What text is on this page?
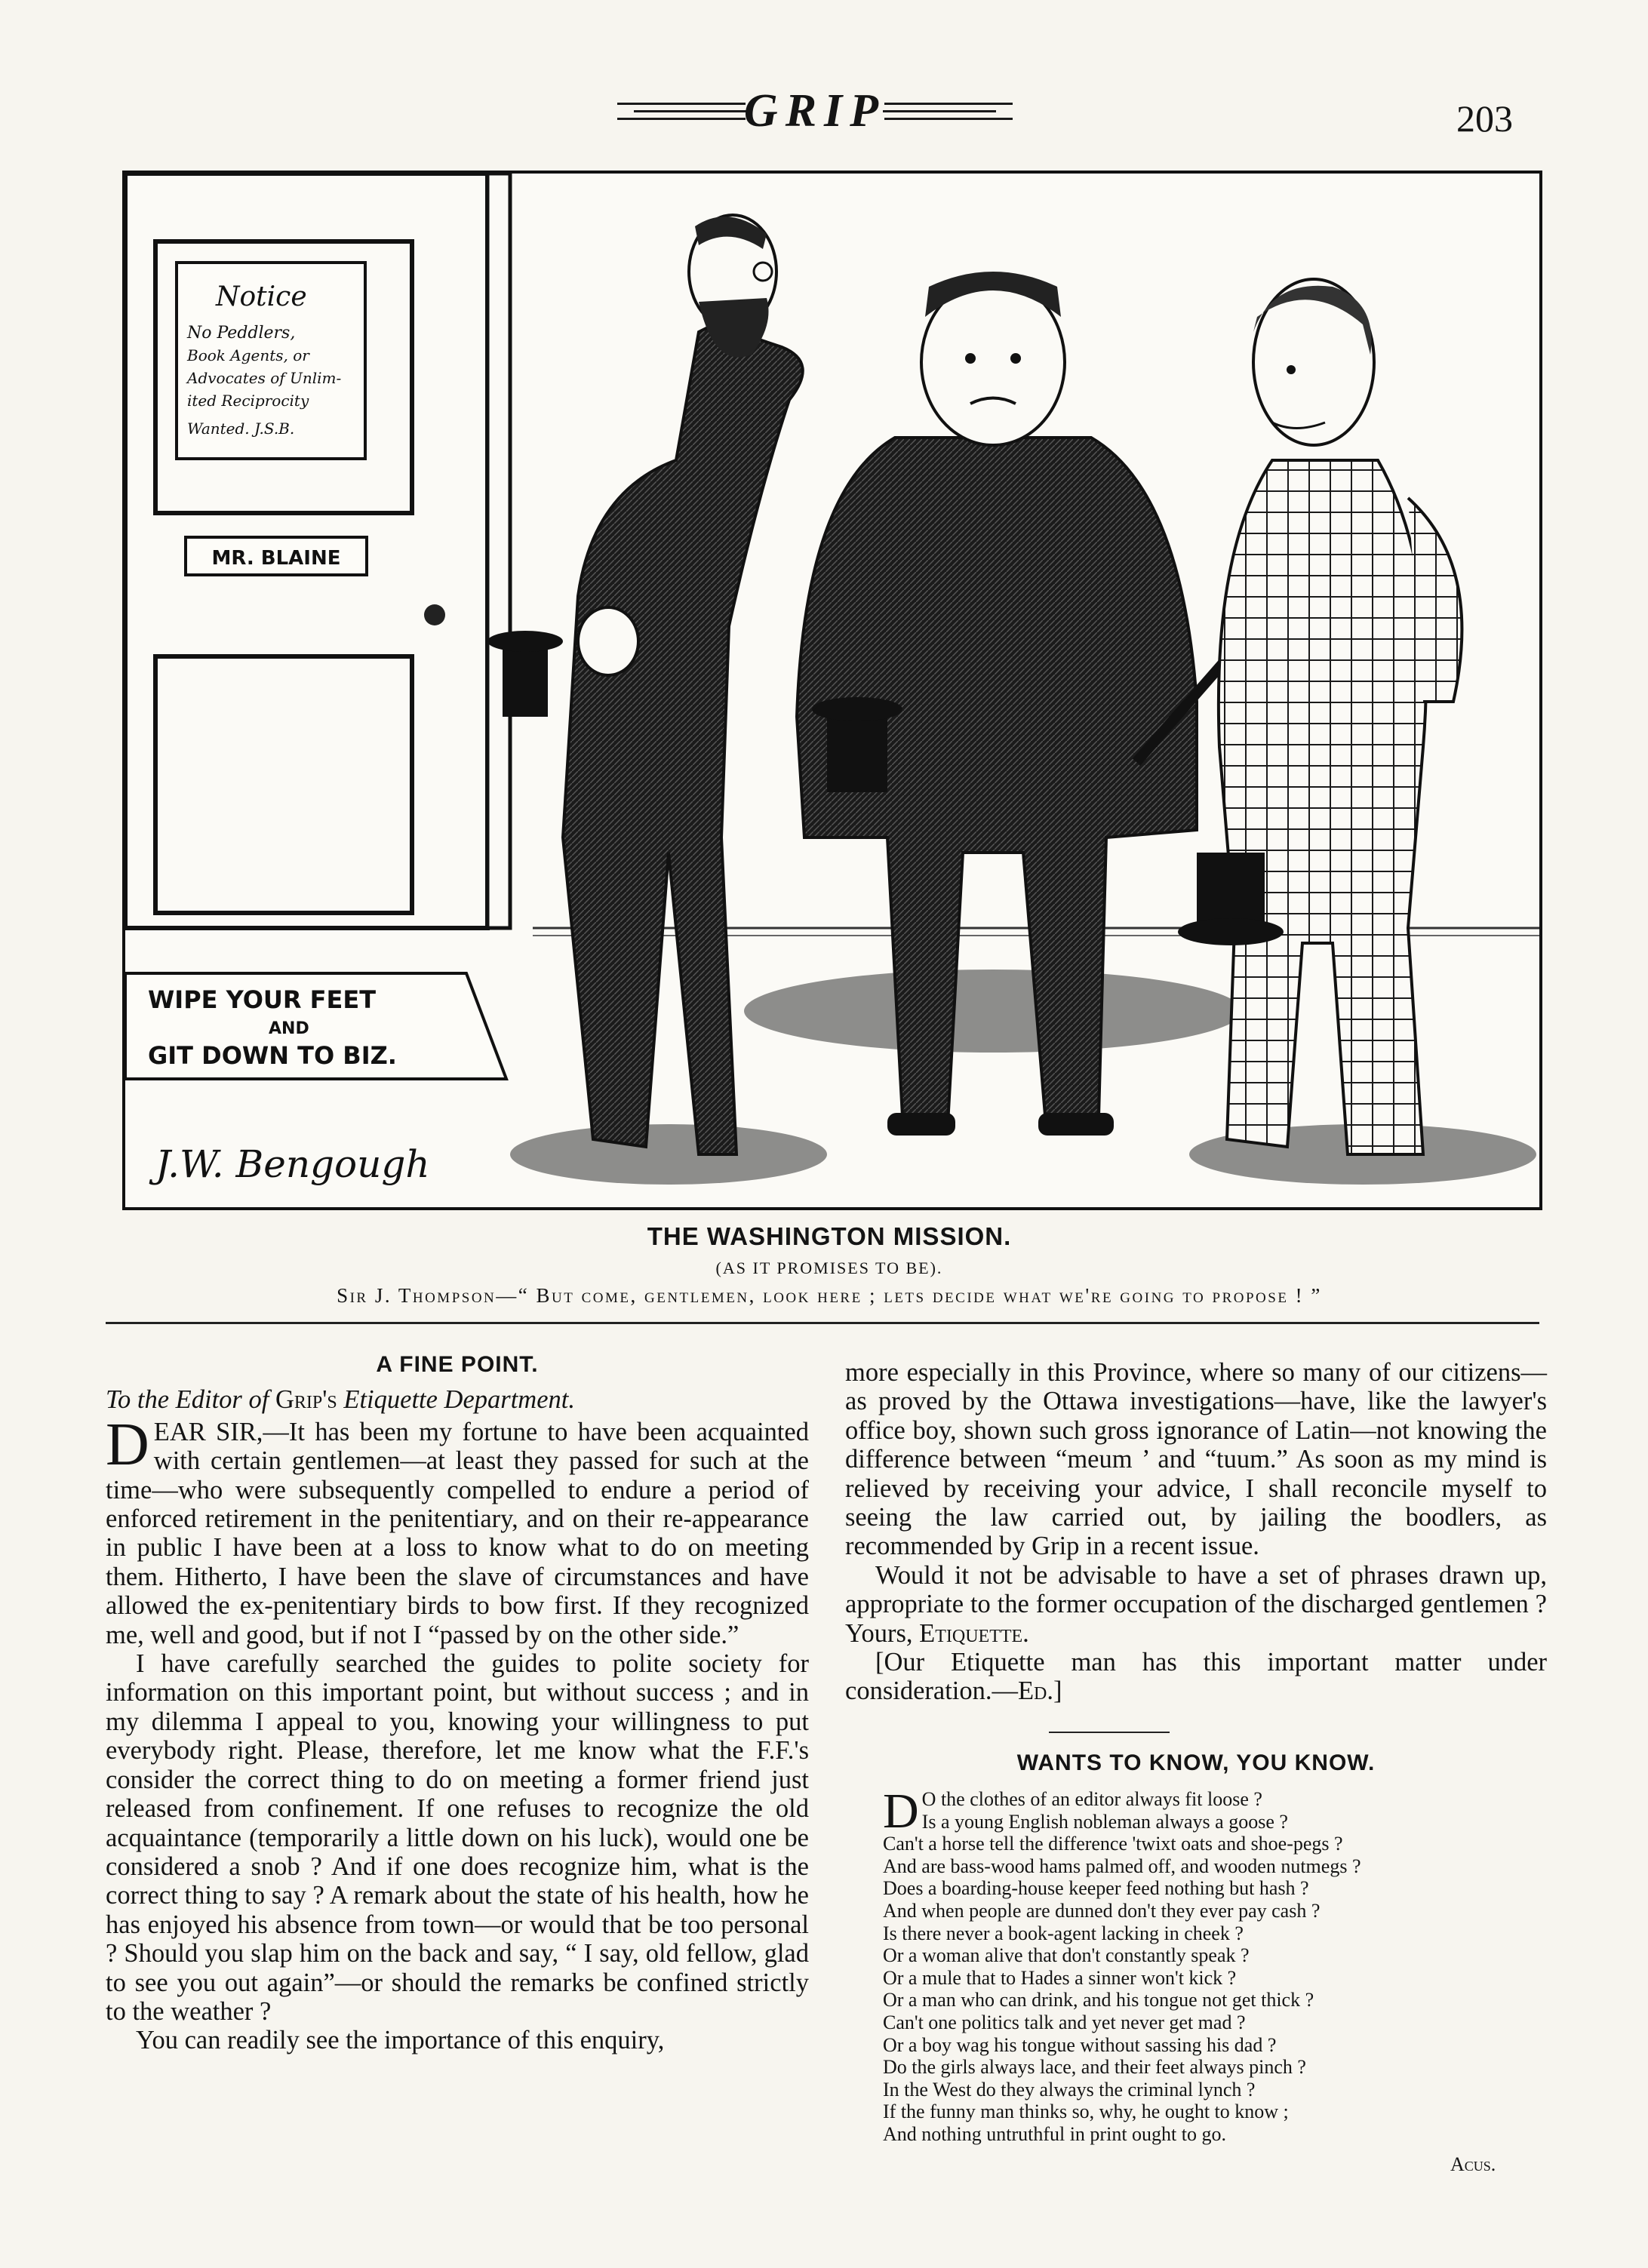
GRIP	203
Notice
No Peddlers,
Book Agents, or
Advocates of Unlim-
ited Reciprocity
Wanted. J.S.B.
MR. BLAINE
WIPE YOUR FEET
AND
GIT DOWN TO BIZ.
J.W. Bengough
THE WASHINGTON MISSION.
(AS IT PROMISES TO BE).
Sir J. Thompson—“ But come, gentlemen, look here ; lets decide what we're going to propose ! ”
A FINE POINT.
To the Editor of Grip's Etiquette Department.

DEAR SIR,—It has been my fortune to have been acquainted with certain gentlemen—at least they passed for such at the time—who were subsequently compelled to endure a period of enforced retirement in the penitentiary, and on their re-appearance in public I have been at a loss to know what to do on meeting them. Hitherto, I have been the slave of circumstances and have allowed the ex-penitentiary birds to bow first. If they recognized me, well and good, but if not I “passed by on the other side.”

I have carefully searched the guides to polite society for information on this important point, but without success ; and in my dilemma I appeal to you, knowing your willingness to put everybody right. Please, therefore, let me know what the F.F.'s consider the correct thing to do on meeting a former friend just released from confinement. If one refuses to recognize the old acquaintance (temporarily a little down on his luck), would one be considered a snob ? And if one does recognize him, what is the correct thing to say ? A remark about the state of his health, how he has enjoyed his absence from town—or would that be too personal ? Should you slap him on the back and say, “ I say, old fellow, glad to see you out again”—or should the remarks be confined strictly to the weather ?

You can readily see the importance of this enquiry,

more especially in this Province, where so many of our citizens—as proved by the Ottawa investigations—have, like the lawyer's office boy, shown such gross ignorance of Latin—not knowing the difference between “meum ’ and “tuum.” As soon as my mind is relieved by receiving your advice, I shall reconcile myself to seeing the law carried out, by jailing the boodlers, as recommended by Grip in a recent issue.

Would it not be advisable to have a set of phrases drawn up, appropriate to the former occupation of the discharged gentlemen ? Yours, Etiquette.

[Our Etiquette man has this important matter under consideration.—Ed.]

WANTS TO KNOW, YOU KNOW.
D O the clothes of an editor always fit loose ?
Is a young English nobleman always a goose ?
Can't a horse tell the difference 'twixt oats and shoe-pegs ?
And are bass-wood hams palmed off, and wooden nutmegs ?
Does a boarding-house keeper feed nothing but hash ?
And when people are dunned don't they ever pay cash ?
Is there never a book-agent lacking in cheek ?
Or a woman alive that don't constantly speak ?
Or a mule that to Hades a sinner won't kick ?
Or a man who can drink, and his tongue not get thick ?
Can't one politics talk and yet never get mad ?
Or a boy wag his tongue without sassing his dad ?
Do the girls always lace, and their feet always pinch ?
In the West do they always the criminal lynch ?
If the funny man thinks so, why, he ought to know ;
And nothing untruthful in print ought to go.
Acus.
